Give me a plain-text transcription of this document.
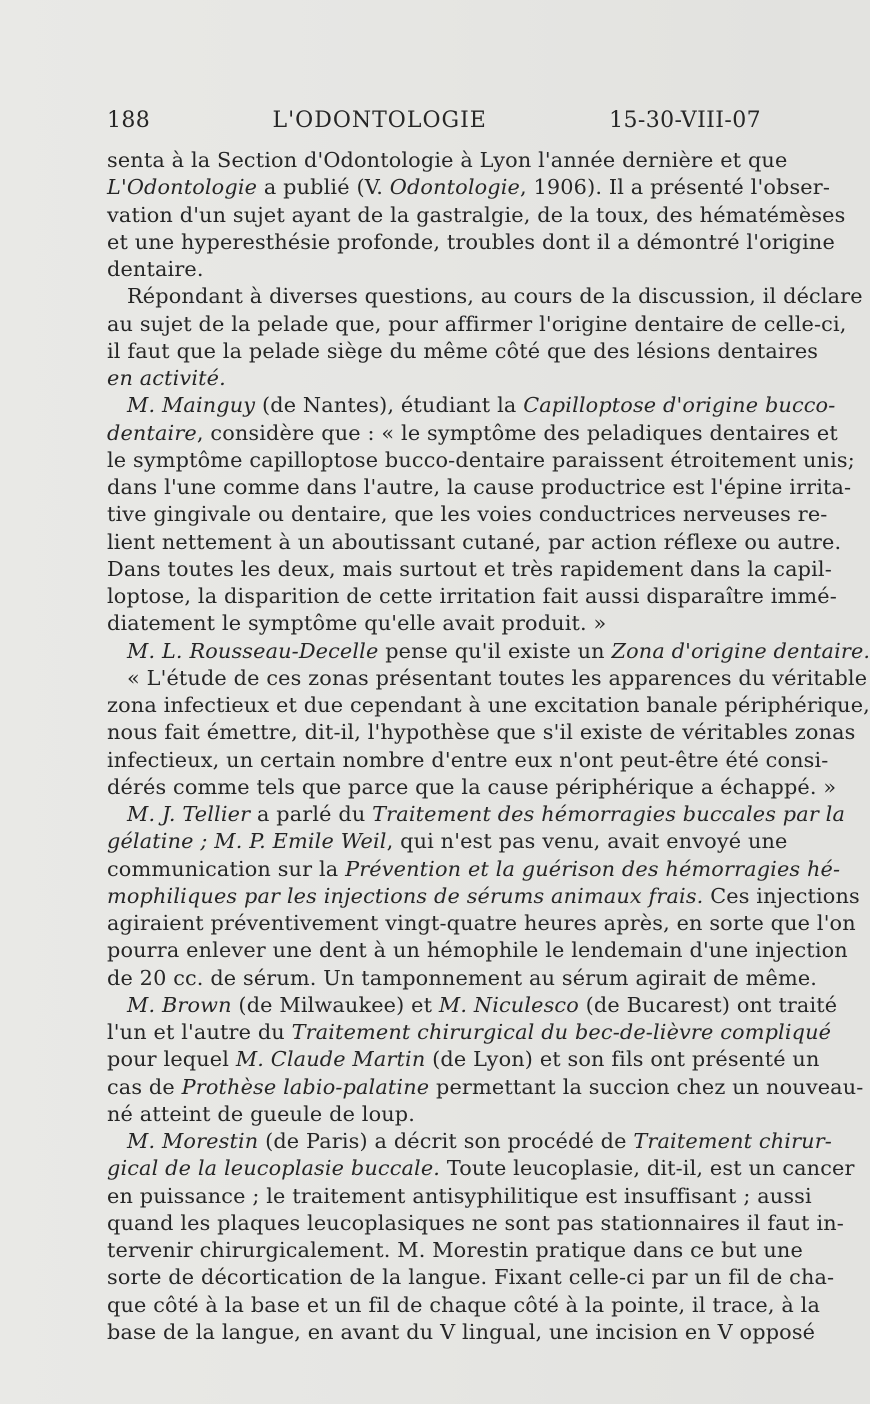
188	L'ODONTOLOGIE	15-30-VIII-07
senta à la Section d'Odontologie à Lyon l'année dernière et que
L'Odontologie a publié (V. Odontologie, 1906). Il a présenté l'obser-
vation d'un sujet ayant de la gastralgie, de la toux, des hématémèses
et une hyperesthésie profonde, troubles dont il a démontré l'origine
dentaire.
Répondant à diverses questions, au cours de la discussion, il déclare
au sujet de la pelade que, pour affirmer l'origine dentaire de celle-ci,
il faut que la pelade siège du même côté que des lésions dentaires
en activité.
M. Mainguy (de Nantes), étudiant la Capilloptose d'origine bucco-
dentaire, considère que : « le symptôme des peladiques dentaires et
le symptôme capilloptose bucco-dentaire paraissent étroitement unis;
dans l'une comme dans l'autre, la cause productrice est l'épine irrita-
tive gingivale ou dentaire, que les voies conductrices nerveuses re-
lient nettement à un aboutissant cutané, par action réflexe ou autre.
Dans toutes les deux, mais surtout et très rapidement dans la capil-
loptose, la disparition de cette irritation fait aussi disparaître immé-
diatement le symptôme qu'elle avait produit. »
M. L. Rousseau-Decelle pense qu'il existe un Zona d'origine dentaire.
« L'étude de ces zonas présentant toutes les apparences du véritable
zona infectieux et due cependant à une excitation banale périphérique,
nous fait émettre, dit-il, l'hypothèse que s'il existe de véritables zonas
infectieux, un certain nombre d'entre eux n'ont peut-être été consi-
dérés comme tels que parce que la cause périphérique a échappé. »
M. J. Tellier a parlé du Traitement des hémorragies buccales par la
gélatine ; M. P. Emile Weil, qui n'est pas venu, avait envoyé une
communication sur la Prévention et la guérison des hémorragies hé-
mophiliques par les injections de sérums animaux frais. Ces injections
agiraient préventivement vingt-quatre heures après, en sorte que l'on
pourra enlever une dent à un hémophile le lendemain d'une injection
de 20 cc. de sérum. Un tamponnement au sérum agirait de même.
M. Brown (de Milwaukee) et M. Niculesco (de Bucarest) ont traité
l'un et l'autre du Traitement chirurgical du bec-de-lièvre compliqué
pour lequel M. Claude Martin (de Lyon) et son fils ont présenté un
cas de Prothèse labio-palatine permettant la succion chez un nouveau-
né atteint de gueule de loup.
M. Morestin (de Paris) a décrit son procédé de Traitement chirur-
gical de la leucoplasie buccale. Toute leucoplasie, dit-il, est un cancer
en puissance ; le traitement antisyphilitique est insuffisant ; aussi
quand les plaques leucoplasiques ne sont pas stationnaires il faut in-
tervenir chirurgicalement. M. Morestin pratique dans ce but une
sorte de décortication de la langue. Fixant celle-ci par un fil de cha-
que côté à la base et un fil de chaque côté à la pointe, il trace, à la
base de la langue, en avant du V lingual, une incision en V opposé
